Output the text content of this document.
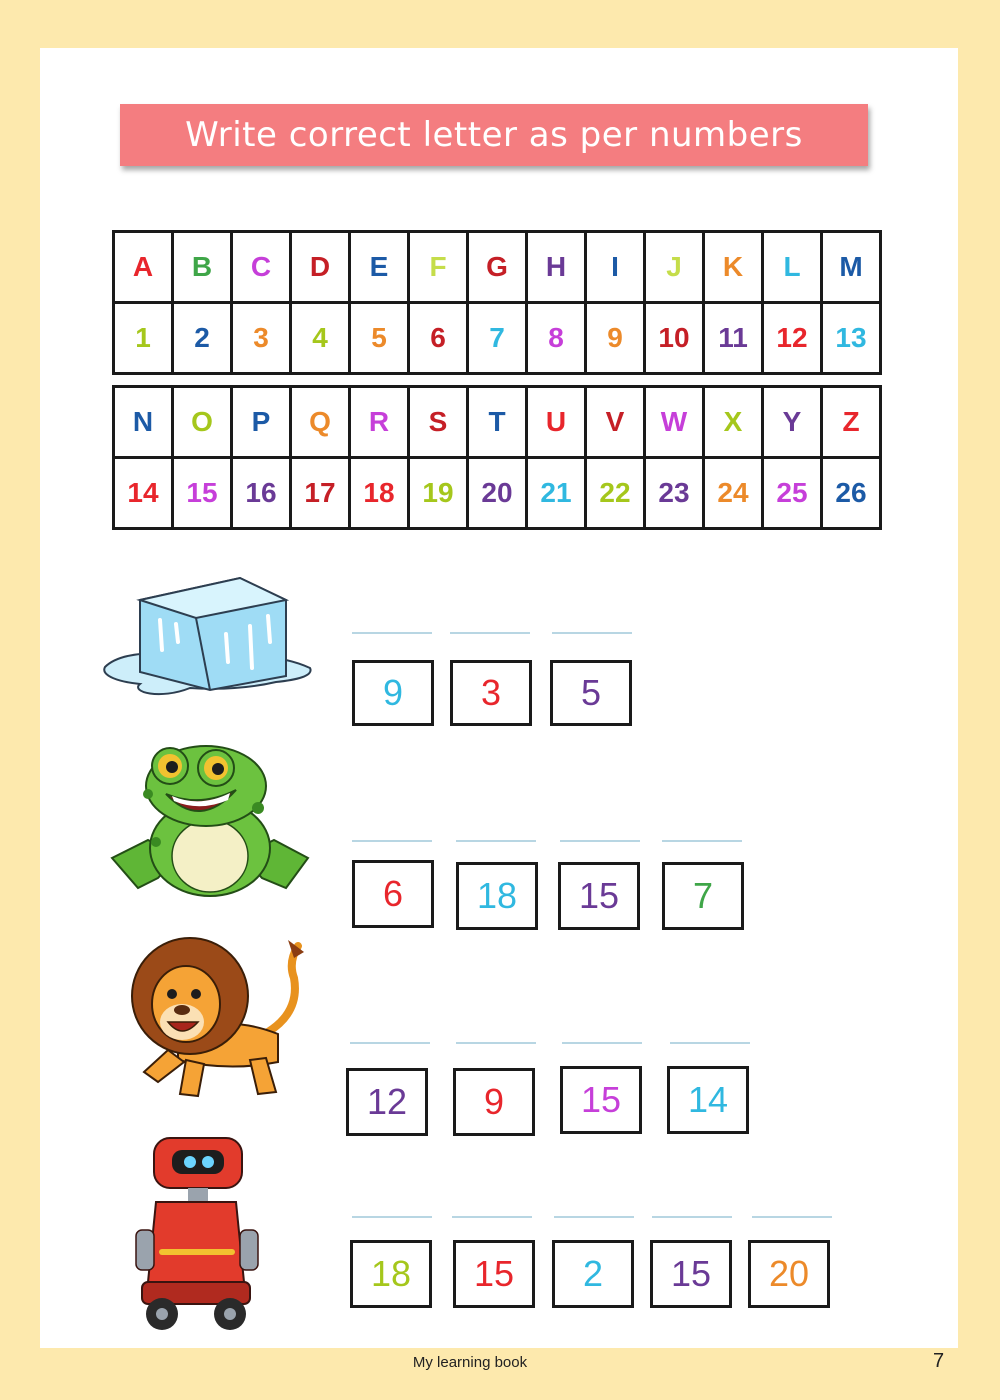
Write correct letter as per numbers
A	B	C	D	E	F	G	H	I	J	K	L	M
1	2	3	4	5	6	7	8	9	10	11	12	13
N	O	P	Q	R	S	T	U	V	W	X	Y	Z
14	15	16	17	18	19	20	21	22	23	24	25	26
9	3	5
6	18	15	7
12	9	15	14
18	15	2	15	20
My learning book	7
